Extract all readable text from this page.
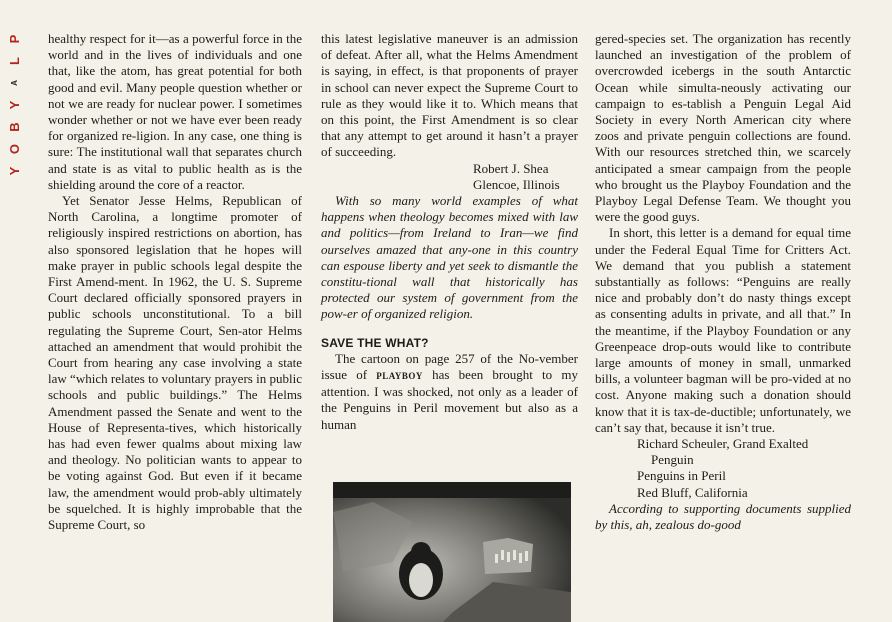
P
L
A
Y
B
O
Y

healthy respect for it—as a powerful force in the world and in the lives of individuals and one that, like the atom, has great potential for both good and evil. Many people question whether or not we are ready for nuclear power. I sometimes wonder whether or not we have ever been ready for organized re-ligion. In any case, one thing is sure: The institutional wall that separates church and state is as vital to public health as is the shielding around the core of a reactor.

Yet Senator Jesse Helms, Republican of North Carolina, a longtime promoter of religiously inspired restrictions on abortion, has also sponsored legislation that he hopes will make prayer in public schools legal despite the First Amend-ment. In 1962, the U. S. Supreme Court declared officially sponsored prayers in public schools unconstitutional. To a bill regulating the Supreme Court, Sen-ator Helms attached an amendment that would prohibit the Court from hearing any case involving a state law “which relates to voluntary prayers in public schools and public buildings.” The Helms Amendment passed the Senate and went to the House of Representa-tives, which historically has had even fewer qualms about mixing law and theology. No politician wants to appear to be voting against God. But even if it became law, the amendment would prob-ably ultimately be squelched. It is highly improbable that the Supreme Court, so

this latest legislative maneuver is an admission of defeat. After all, what the Helms Amendment is saying, in effect, is that proponents of prayer in school can never expect the Supreme Court to rule as they would like it to. Which means that on this point, the First Amendment is so clear that any attempt to get around it hasn’t a prayer of succeeding.

Robert J. Shea

Glencoe, Illinois

With so many world examples of what happens when theology becomes mixed with law and politics—from Ireland to Iran—we find ourselves amazed that any-one in this country can espouse liberty and yet seek to dismantle the constitu-tional wall that historically has protected our system of government from the pow-er of organized religion.

SAVE THE WHAT?

The cartoon on page 257 of the No-vember issue of PLAYBOY has been brought to my attention. I was shocked, not only as a leader of the Penguins in Peril movement but also as a human

gered-species set. The organization has recently launched an investigation of the problem of overcrowded icebergs in the south Antarctic Ocean while simulta-neously activating our campaign to es-tablish a Penguin Legal Aid Society in every North American city where zoos and private penguin collections are found. With our resources stretched thin, we scarcely anticipated a smear campaign from the people who brought us the Playboy Foundation and the Playboy Legal Defense Team. We thought you were the good guys.

In short, this letter is a demand for equal time under the Federal Equal Time for Critters Act. We demand that you publish a statement substantially as follows: “Penguins are really nice and probably don’t do nasty things except as consenting adults in private, and all that.” In the meantime, if the Playboy Foundation or any Greenpeace drop-outs would like to contribute large amounts of money in small, unmarked bills, a volunteer bagman will be pro-vided at no cost. Anyone making such a donation should know that it is tax-de-ductible; unfortunately, we can’t say that, because it isn’t true.

Richard Scheuler, Grand Exalted

Penguin

Penguins in Peril

Red Bluff, California

According to supporting documents supplied by this, ah, zealous do-good
